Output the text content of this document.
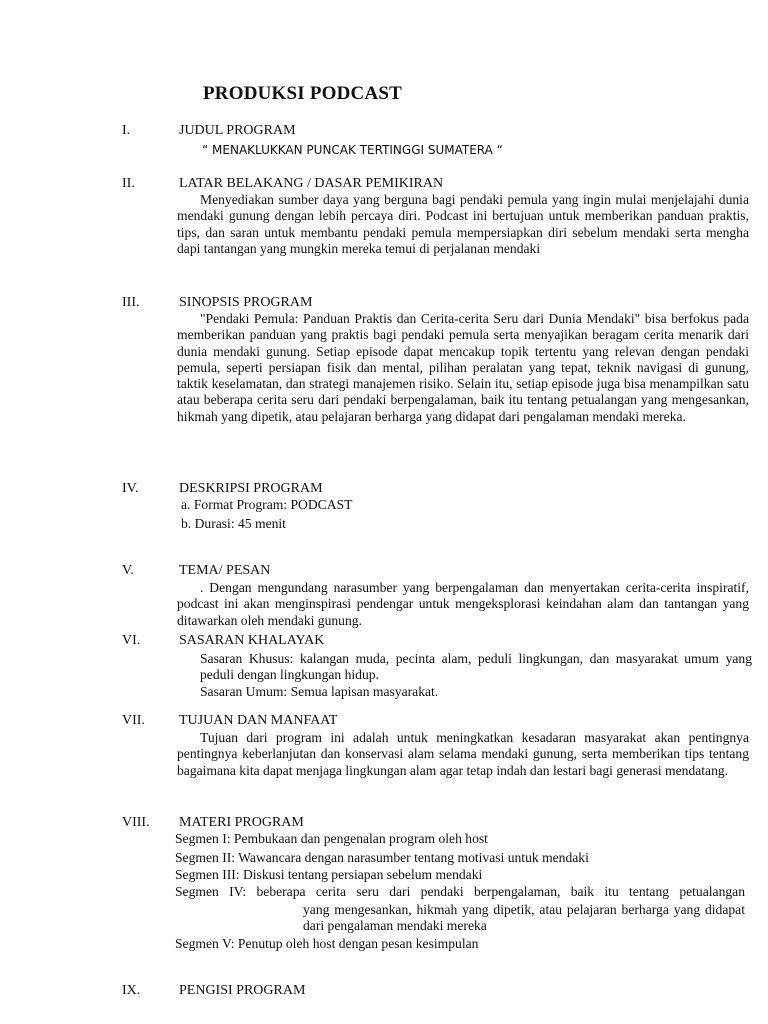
PRODUKSI PODCAST
I.	JUDUL PROGRAM
“ MENAKLUKKAN PUNCAK TERTINGGI SUMATERA “
II.	LATAR BELAKANG / DASAR PEMIKIRAN

Menyediakan sumber daya yang berguna bagi pendaki pemula yang ingin mulai menjelajahi dunia mendaki gunung dengan lebih percaya diri. Podcast ini bertujuan untuk memberikan panduan praktis, tips, dan saran untuk membantu pendaki pemula mempersiapkan diri sebelum mendaki serta mengha dapi tantangan yang mungkin mereka temui di perjalanan mendaki

III.	SINOPSIS PROGRAM

"Pendaki Pemula: Panduan Praktis dan Cerita-cerita Seru dari Dunia Mendaki" bisa berfokus pada memberikan panduan yang praktis bagi pendaki pemula serta menyajikan beragam cerita menarik dari dunia mendaki gunung. Setiap episode dapat mencakup topik tertentu yang relevan dengan pendaki pemula, seperti persiapan fisik dan mental, pilihan peralatan yang tepat, teknik navigasi di gunung, taktik keselamatan, dan strategi manajemen risiko. Selain itu, setiap episode juga bisa menampilkan satu atau beberapa cerita seru dari pendaki berpengalaman, baik itu tentang petualangan yang mengesankan, hikmah yang dipetik, atau pelajaran berharga yang didapat dari pengalaman mendaki mereka.

IV.	DESKRIPSI PROGRAM
a. Format Program: PODCAST
b. Durasi: 45 menit
V.	TEMA/ PESAN

. Dengan mengundang narasumber yang berpengalaman dan menyertakan cerita-cerita inspiratif, podcast ini akan menginspirasi pendengar untuk mengeksplorasi keindahan alam dan tantangan yang ditawarkan oleh mendaki gunung.

VI.	SASARAN KHALAYAK

Sasaran Khusus: kalangan muda, pecinta alam, peduli lingkungan, dan masyarakat umum yang peduli dengan lingkungan hidup.

Sasaran Umum: Semua lapisan masyarakat.
VII. TUJUAN DAN MANFAAT

Tujuan dari program ini adalah untuk meningkatkan kesadaran masyarakat akan pentingnya pentingnya keberlanjutan dan konservasi alam selama mendaki gunung, serta memberikan tips tentang bagaimana kita dapat menjaga lingkungan alam agar tetap indah dan lestari bagi generasi mendatang.

VIII. MATERI PROGRAM
Segmen I: Pembukaan dan pengenalan program oleh host
Segmen II: Wawancara dengan narasumber tentang motivasi untuk mendaki
Segmen III: Diskusi tentang persiapan sebelum mendaki

Segmen IV: beberapa cerita seru dari pendaki berpengalaman, baik itu tentang petualangan

yang mengesankan, hikmah yang dipetik, atau pelajaran berharga yang didapat dari pengalaman mendaki mereka

Segmen V: Penutup oleh host dengan pesan kesimpulan
IX.	PENGISI PROGRAM
